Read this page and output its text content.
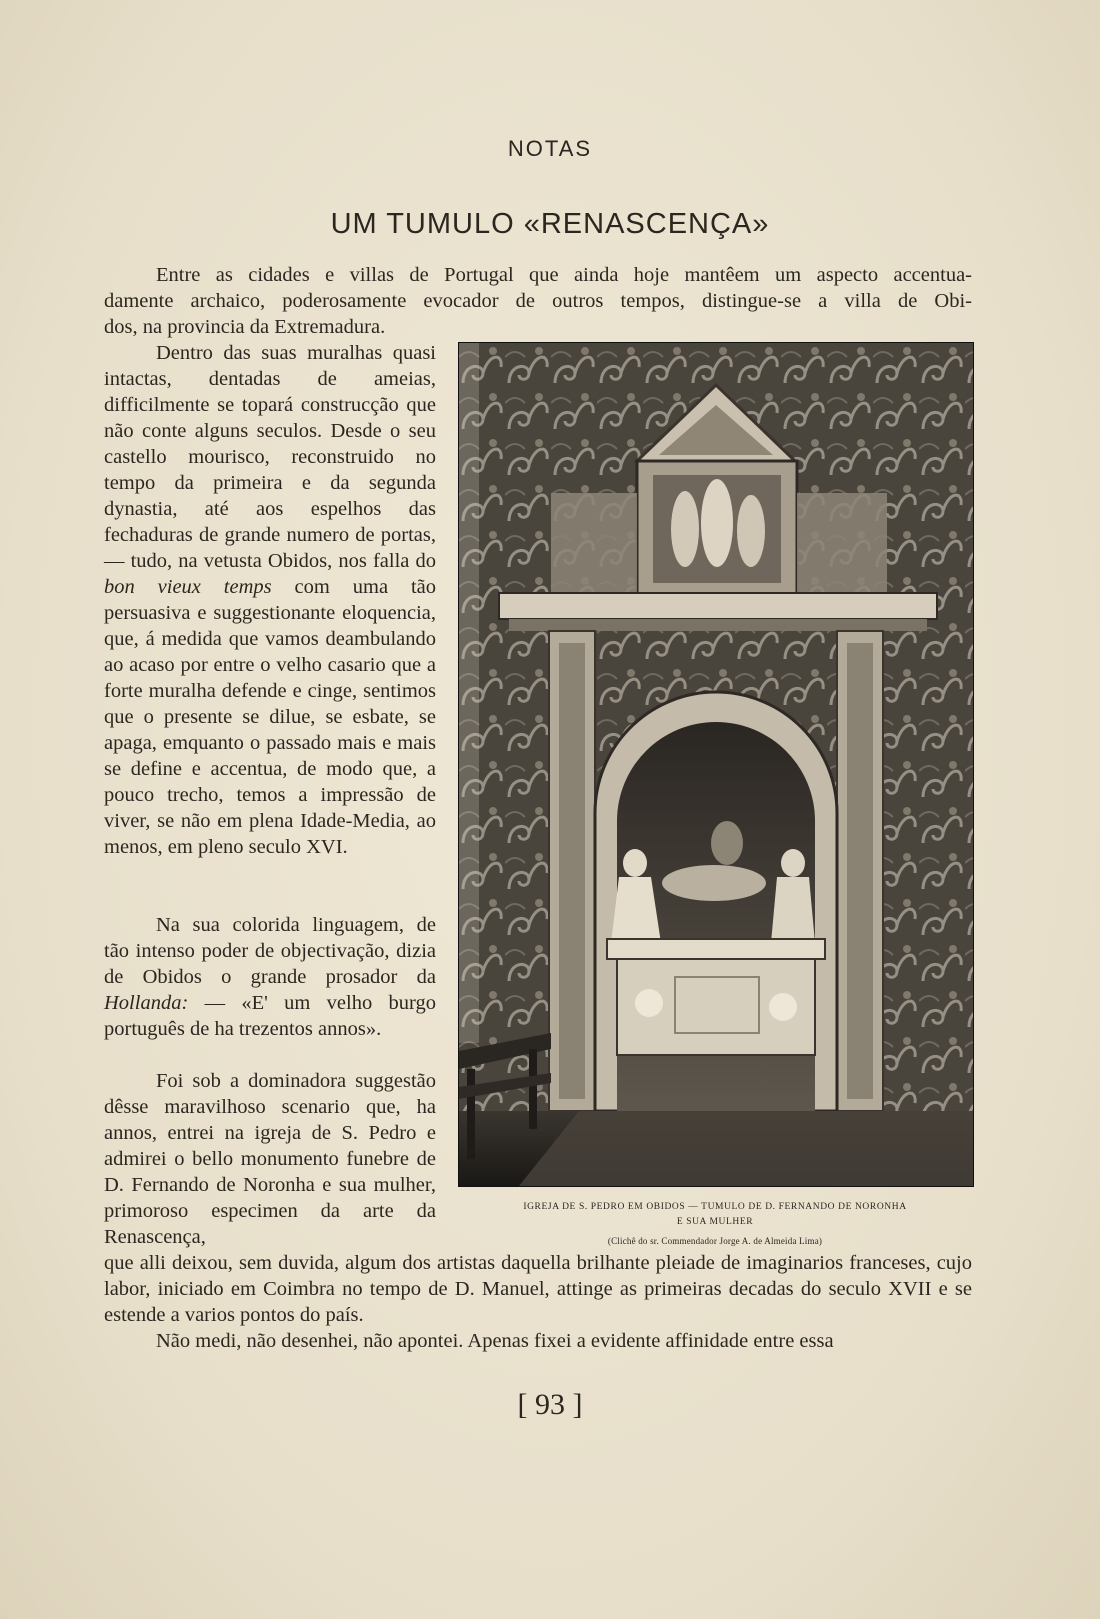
NOTAS
UM TUMULO «RENASCENÇA»
Entre as cidades e villas de Portugal que ainda hoje mantêem um aspecto accentua-
damente archaico, poderosamente evocador de outros tempos, distingue-se a villa de Obi-
dos, na provincia da Extremadura.

Dentro das suas muralhas quasi intactas, dentadas de ameias, difficilmente se topará construcção que não conte alguns seculos. Desde o seu castello mourisco, reconstruido no tempo da primeira e da segunda dynastia, até aos espelhos das fechaduras de grande numero de portas, — tudo, na vetusta Obidos, nos falla do bon vieux temps com uma tão persuasiva e suggestionante eloquencia, que, á medida que vamos deambulando ao acaso por entre o velho casario que a forte muralha defende e cinge, sentimos que o presente se dilue, se esbate, se apaga, emquanto o passado mais e mais se define e accentua, de modo que, a pouco trecho, temos a impressão de viver, se não em plena Idade-Media, ao menos, em pleno seculo XVI.

Na sua colorida linguagem, de tão intenso poder de objectivação, dizia de Obidos o grande prosador da Hollanda: — «E' um velho burgo português de ha trezentos annos».

Foi sob a dominadora suggestão dêsse maravilhoso scenario que, ha annos, entrei na igreja de S. Pedro e admirei o bello monumento funebre de D. Fernando de Noronha e sua mulher, primoroso especimen da arte da Renascença,

que alli deixou, sem duvida, algum dos artistas daquella brilhante pleiade de imaginarios franceses, cujo labor, iniciado em Coimbra no tempo de D. Manuel, attinge as primeiras decadas do seculo XVII e se estende a varios pontos do país.

Não medi, não desenhei, não apontei. Apenas fixei a evidente affinidade entre essa

IGREJA DE S. PEDRO EM OBIDOS — TUMULO DE D. FERNANDO DE NORONHA
E SUA MULHER
(Clichê do sr. Commendador Jorge A. de Almeida Lima)
[ 93 ]
